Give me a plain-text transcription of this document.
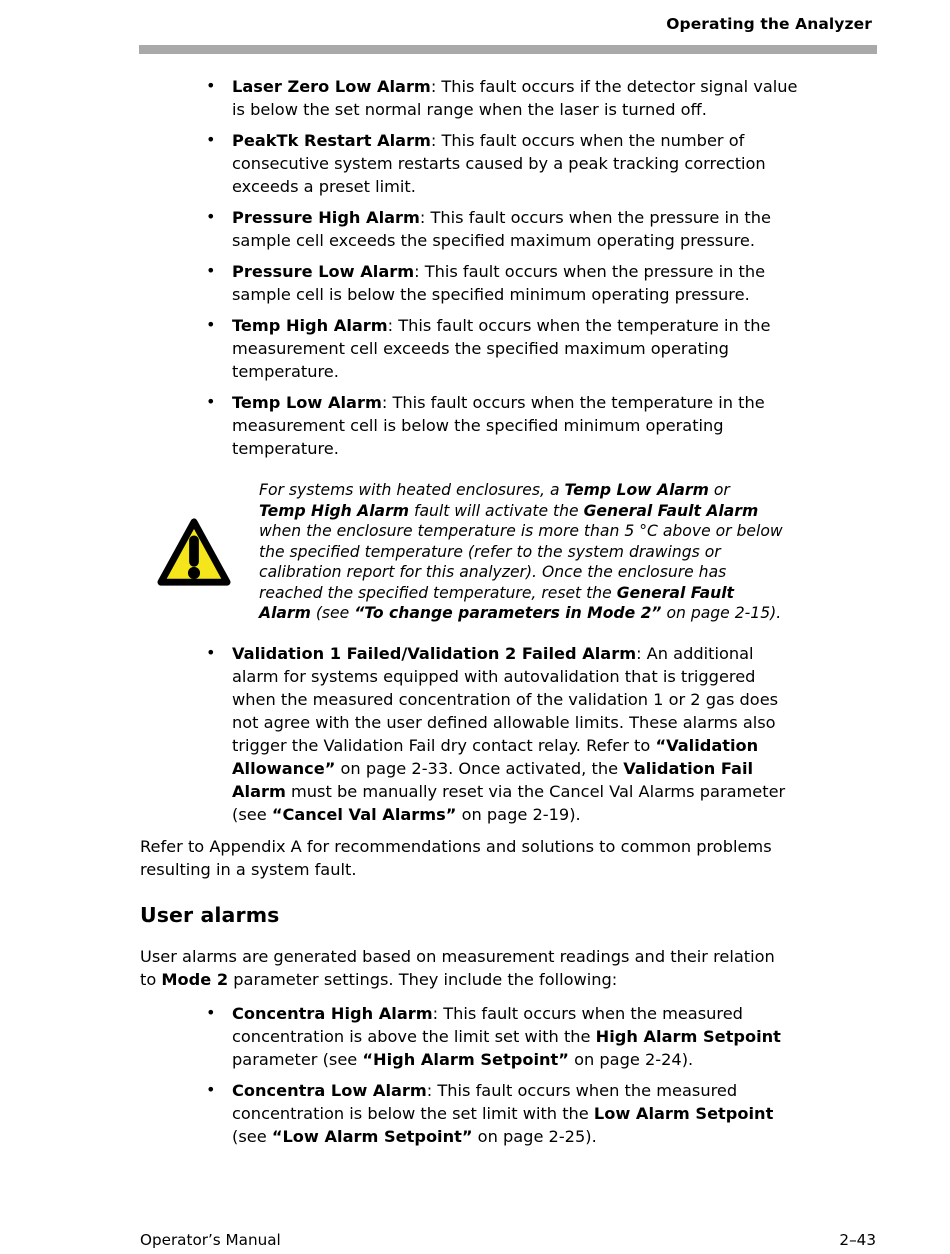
Operating the Analyzer
• Laser Zero Low Alarm: This fault occurs if the detector signal value
is below the set normal range when the laser is turned off.
• PeakTk Restart Alarm: This fault occurs when the number of
consecutive system restarts caused by a peak tracking correction
exceeds a preset limit.
• Pressure High Alarm: This fault occurs when the pressure in the
sample cell exceeds the specified maximum operating pressure.
• Pressure Low Alarm: This fault occurs when the pressure in the
sample cell is below the specified minimum operating pressure.
• Temp High Alarm: This fault occurs when the temperature in the
measurement cell exceeds the specified maximum operating
temperature.
• Temp Low Alarm: This fault occurs when the temperature in the
measurement cell is below the specified minimum operating
temperature.
For systems with heated enclosures, a Temp Low Alarm or
Temp High Alarm fault will activate the General Fault Alarm
when the enclosure temperature is more than 5 °C above or below
the specified temperature (refer to the system drawings or
calibration report for this analyzer). Once the enclosure has
reached the specified temperature, reset the General Fault
Alarm (see “To change parameters in Mode 2” on page 2-15).
• Validation 1 Failed/Validation 2 Failed Alarm: An additional
alarm for systems equipped with autovalidation that is triggered
when the measured concentration of the validation 1 or 2 gas does
not agree with the user defined allowable limits. These alarms also
trigger the Validation Fail dry contact relay. Refer to “Validation
Allowance” on page 2-33. Once activated, the Validation Fail
Alarm must be manually reset via the Cancel Val Alarms parameter
(see “Cancel Val Alarms” on page 2-19).

Refer to Appendix A for recommendations and solutions to common problems
resulting in a system fault.

User alarms

User alarms are generated based on measurement readings and their relation
to Mode 2 parameter settings. They include the following:

• Concentra High Alarm: This fault occurs when the measured
concentration is above the limit set with the High Alarm Setpoint
parameter (see “High Alarm Setpoint” on page 2-24).
• Concentra Low Alarm: This fault occurs when the measured
concentration is below the set limit with the Low Alarm Setpoint
(see “Low Alarm Setpoint” on page 2-25).
Operator’s Manual	2–43
